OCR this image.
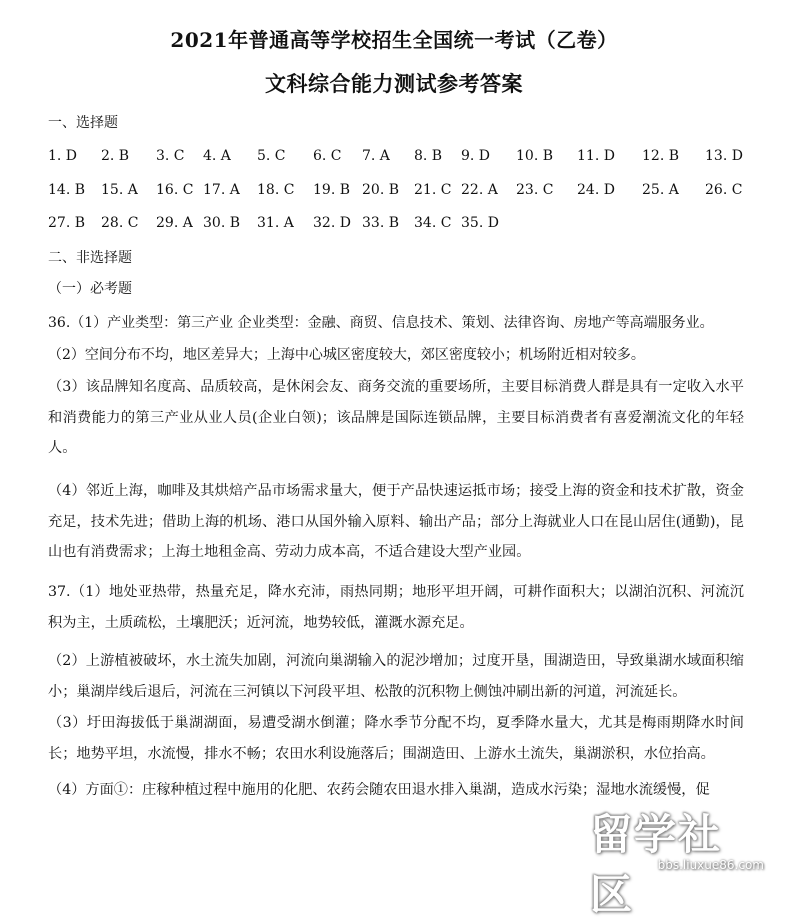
2021年普通高等学校招生全国统一考试（乙卷）
文科综合能力测试参考答案
一、选择题
1. D 2. B 3. C 4. A 5. C 6. C 7. A 8. B 9. D 10. B 11. D 12. B 13. D
14. B 15. A 16. C 17. A 18. C 19. B 20. B 21. C 22. A 23. C 24. D 25. A 26. C
27. B 28. C 29. A 30. B 31. A 32. D 33. B 34. C 35. D
二、非选择题
（一）必考题
36.（1）产业类型：第三产业 企业类型：金融、商贸、信息技术、策划、法律咨询、房地产等高端服务业。
（2）空间分布不均，地区差异大；上海中心城区密度较大，郊区密度较小；机场附近相对较多。
（3）该品牌知名度高、品质较高，是休闲会友、商务交流的重要场所，主要目标消费人群是具有一定收入水平和消费能力的第三产业从业人员(企业白领)；该品牌是国际连锁品牌，主要目标消费者有喜爱潮流文化的年轻人。
（4）邻近上海，咖啡及其烘焙产品市场需求量大，便于产品快速运抵市场；接受上海的资金和技术扩散，资金充足，技术先进；借助上海的机场、港口从国外输入原料、输出产品；部分上海就业人口在昆山居住(通勤)，昆山也有消费需求；上海土地租金高、劳动力成本高，不适合建设大型产业园。
37.（1）地处亚热带，热量充足，降水充沛，雨热同期；地形平坦开阔，可耕作面积大；以湖泊沉积、河流沉积为主，土质疏松，土壤肥沃；近河流，地势较低，灌溉水源充足。
（2）上游植被破坏，水土流失加剧，河流向巢湖输入的泥沙增加；过度开垦，围湖造田，导致巢湖水域面积缩小；巢湖岸线后退后，河流在三河镇以下河段平坦、松散的沉积物上侧蚀冲刷出新的河道，河流延长。
（3）圩田海拔低于巢湖湖面，易遭受湖水倒灌；降水季节分配不均，夏季降水量大，尤其是梅雨期降水时间长；地势平坦，水流慢，排水不畅；农田水利设施落后；围湖造田、上游水土流失，巢湖淤积，水位抬高。
（4）方面①：庄稼种植过程中施用的化肥、农药会随农田退水排入巢湖，造成水污染；湿地水流缓慢，促
留学社区
bbs.liuxue86.com
